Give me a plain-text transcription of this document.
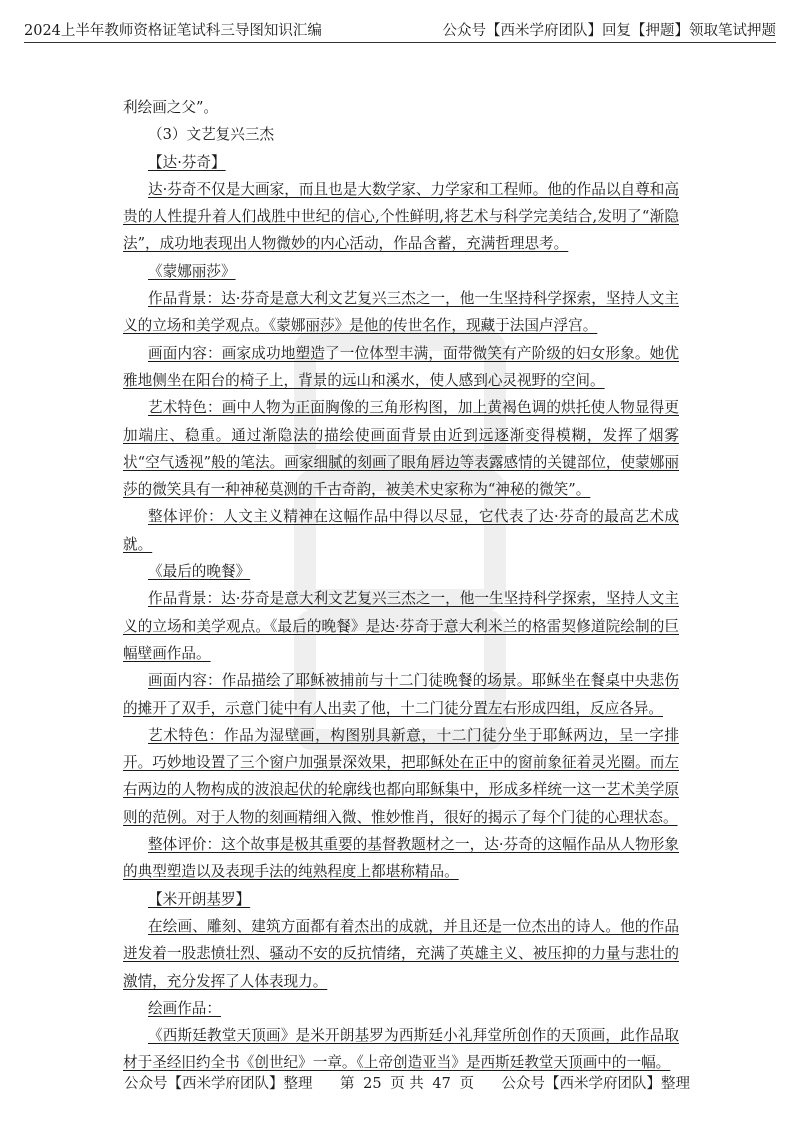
2024上半年教师资格证笔试科三导图知识汇编	公众号【西米学府团队】回复【押题】领取笔试押题

利绘画之父”。

（3）文艺复兴三杰

【达·芬奇】

达·芬奇不仅是大画家，而且也是大数学家、力学家和工程师。他的作品以自尊和高贵的人性提升着人们战胜中世纪的信心,个性鲜明,将艺术与科学完美结合,发明了“渐隐法”，成功地表现出人物微妙的内心活动，作品含蓄，充满哲理思考。

《蒙娜丽莎》

作品背景：达·芬奇是意大利文艺复兴三杰之一，他一生坚持科学探索，坚持人文主义的立场和美学观点。《蒙娜丽莎》是他的传世名作，现藏于法国卢浮宫。

画面内容：画家成功地塑造了一位体型丰满，面带微笑有产阶级的妇女形象。她优雅地侧坐在阳台的椅子上，背景的远山和溪水，使人感到心灵视野的空间。

艺术特色：画中人物为正面胸像的三角形构图，加上黄褐色调的烘托使人物显得更加端庄、稳重。通过渐隐法的描绘使画面背景由近到远逐渐变得模糊，发挥了烟雾状“空气透视”般的笔法。画家细腻的刻画了眼角唇边等表露感情的关键部位，使蒙娜丽莎的微笑具有一种神秘莫测的千古奇韵，被美术史家称为“神秘的微笑”。

整体评价：人文主义精神在这幅作品中得以尽显，它代表了达·芬奇的最高艺术成就。

《最后的晚餐》

作品背景：达·芬奇是意大利文艺复兴三杰之一，他一生坚持科学探索，坚持人文主义的立场和美学观点。《最后的晚餐》是达·芬奇于意大利米兰的格雷契修道院绘制的巨幅壁画作品。

画面内容：作品描绘了耶稣被捕前与十二门徒晚餐的场景。耶稣坐在餐桌中央悲伤的摊开了双手，示意门徒中有人出卖了他，十二门徒分置左右形成四组，反应各异。

艺术特色：作品为湿壁画，构图别具新意，十二门徒分坐于耶稣两边，呈一字排开。巧妙地设置了三个窗户加强景深效果，把耶稣处在正中的窗前象征着灵光圈。而左右两边的人物构成的波浪起伏的轮廓线也都向耶稣集中，形成多样统一这一艺术美学原则的范例。对于人物的刻画精细入微、惟妙惟肖，很好的揭示了每个门徒的心理状态。

整体评价：这个故事是极其重要的基督教题材之一，达·芬奇的这幅作品从人物形象的典型塑造以及表现手法的纯熟程度上都堪称精品。

【米开朗基罗】

在绘画、雕刻、建筑方面都有着杰出的成就，并且还是一位杰出的诗人。他的作品迸发着一股悲愤壮烈、骚动不安的反抗情绪，充满了英雄主义、被压抑的力量与悲壮的激情，充分发挥了人体表现力。

绘画作品：

《西斯廷教堂天顶画》是米开朗基罗为西斯廷小礼拜堂所创作的天顶画，此作品取材于圣经旧约全书《创世纪》一章。《上帝创造亚当》是西斯廷教堂天顶画中的一幅。

公众号【西米学府团队】整理 第 25 页 共 47 页 公众号【西米学府团队】整理
